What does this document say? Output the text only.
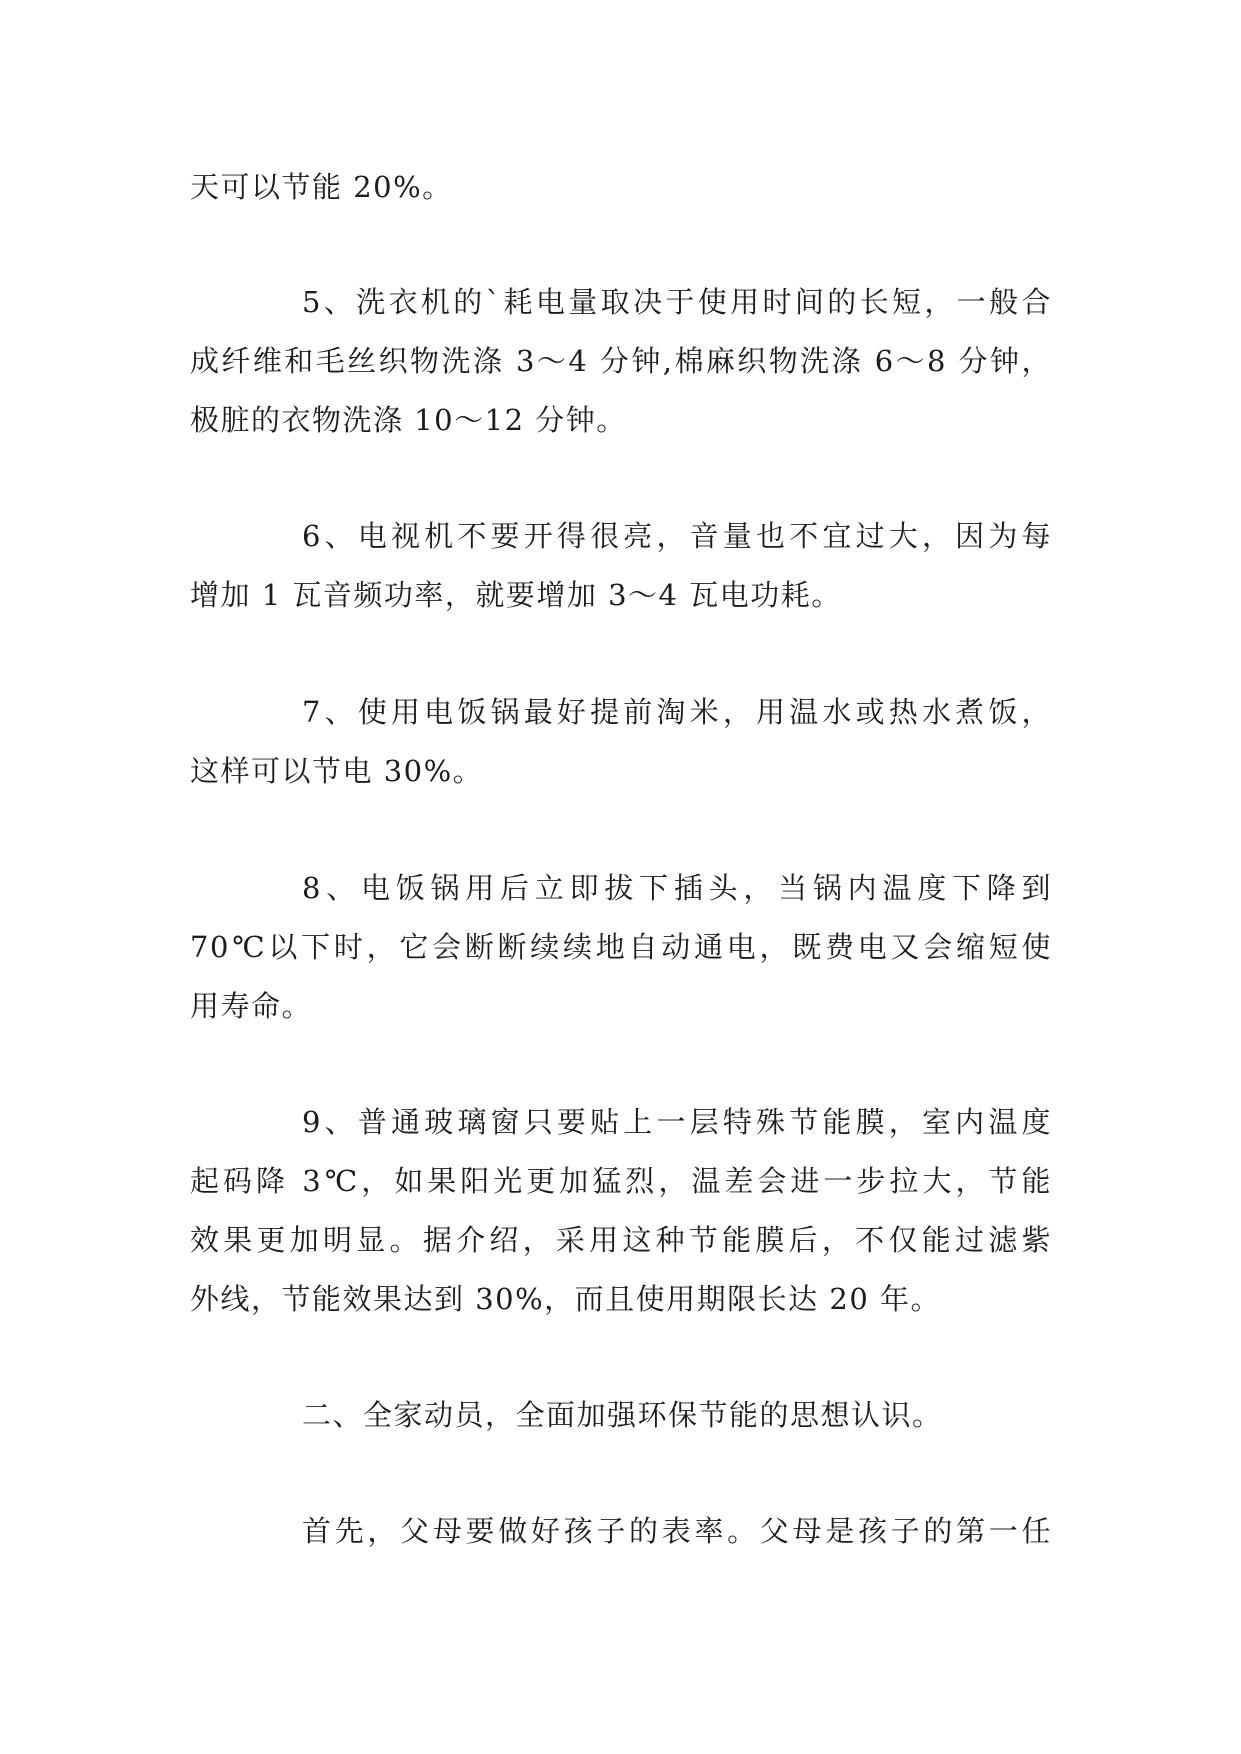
天可以节能 20%。
5、洗衣机的`耗电量取决于使用时间的长短，一般合
成纤维和毛丝织物洗涤 3～4 分钟,棉麻织物洗涤 6～8 分钟，
极脏的衣物洗涤 10～12 分钟。
6、电视机不要开得很亮，音量也不宜过大，因为每
增加 1 瓦音频功率，就要增加 3～4 瓦电功耗。
7、使用电饭锅最好提前淘米，用温水或热水煮饭，
这样可以节电 30%。
8、电饭锅用后立即拔下插头，当锅内温度下降到
70℃以下时，它会断断续续地自动通电，既费电又会缩短使
用寿命。
9、普通玻璃窗只要贴上一层特殊节能膜，室内温度
起码降 3℃，如果阳光更加猛烈，温差会进一步拉大，节能
效果更加明显。据介绍，采用这种节能膜后，不仅能过滤紫
外线，节能效果达到 30%，而且使用期限长达 20 年。
二、全家动员，全面加强环保节能的思想认识。
首先，父母要做好孩子的表率。父母是孩子的第一任
